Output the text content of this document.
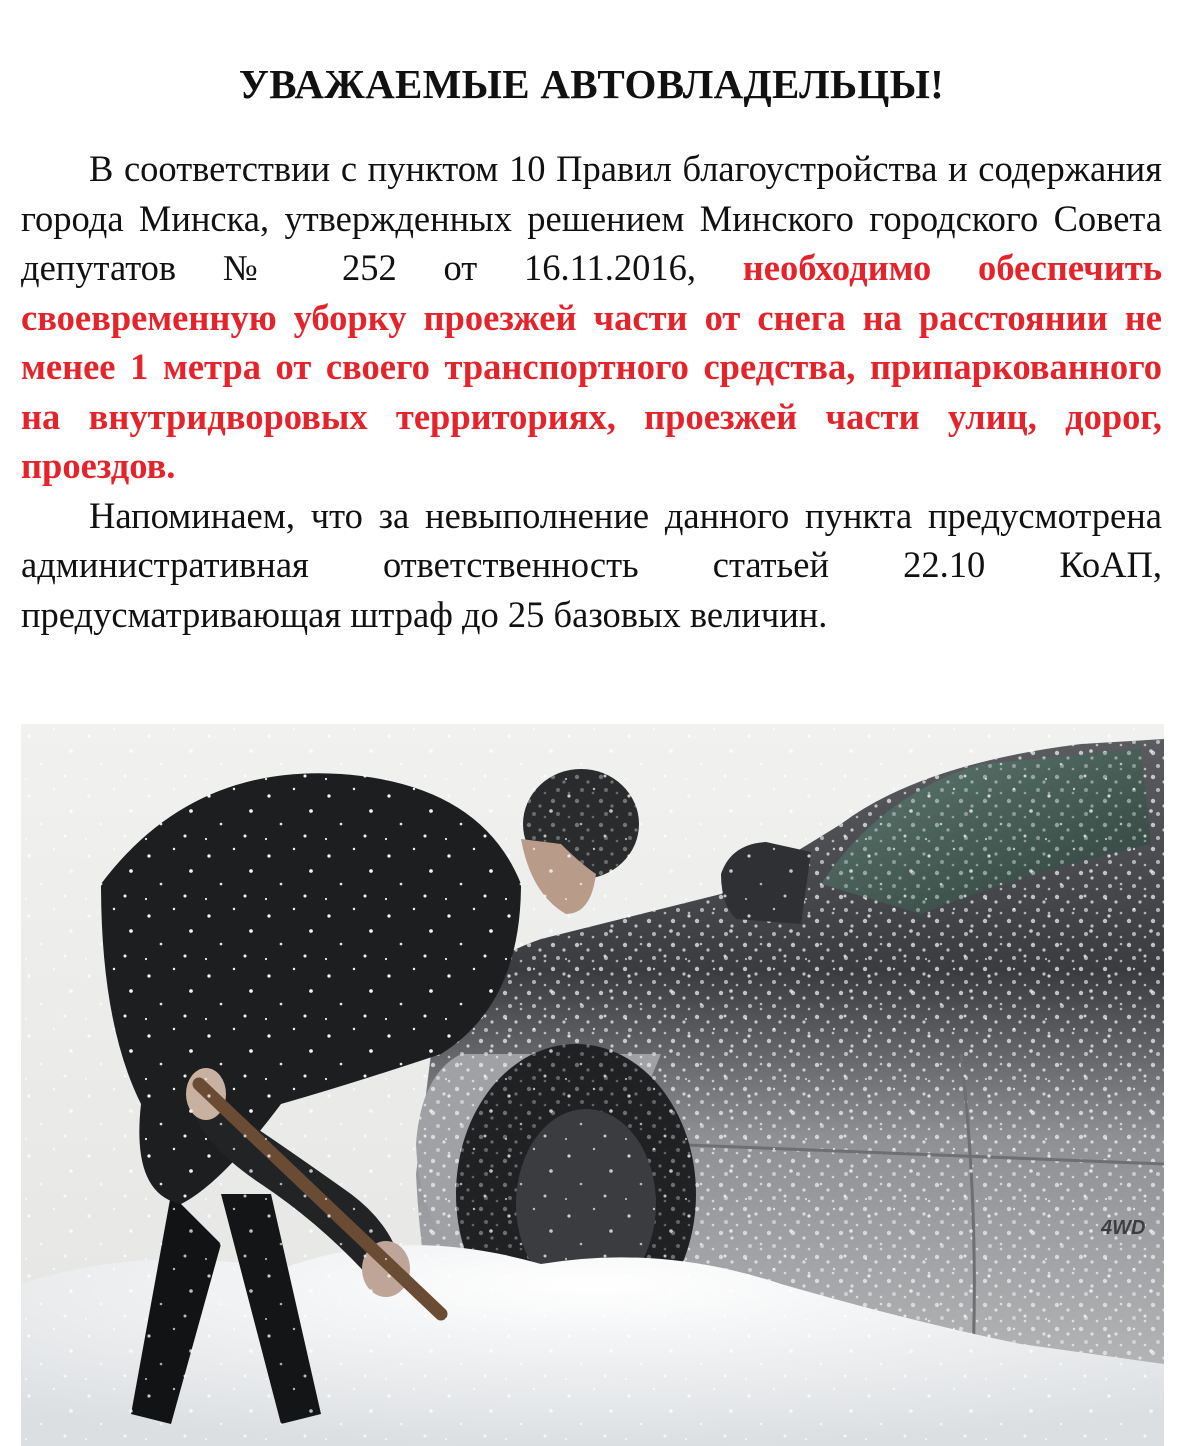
УВАЖАЕМЫЕ АВТОВЛАДЕЛЬЦЫ!

В соответствии с пунктом 10 Правил благоустройства и содержания города Минска, утвержденных решением Минского городского Совета депутатов № 252 от 16.11.2016, необходимо обеспечить своевременную уборку проезжей части от снега на расстоянии не менее 1 метра от своего транспортного средства, припаркованного на внутридворовых территориях, проезжей части улиц, дорог, проездов.

Напоминаем, что за невыполнение данного пункта предусмотрена административная ответственность статьей 22.10 КоАП, предусматривающая штраф до 25 базовых величин.
